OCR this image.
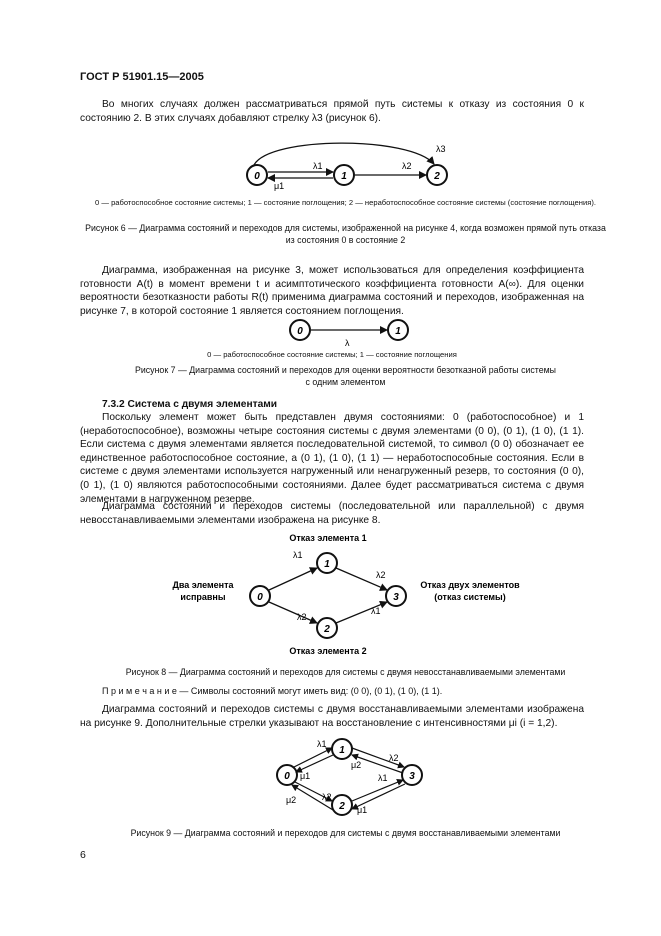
ГОСТ Р 51901.15—2005
Во многих случаях должен рассматриваться прямой путь системы к отказу из состояния 0 к состоянию 2. В этих случаях добавляют стрелку λ3 (рисунок 6).
0	1	2
λ1
μ1
λ2
λ3
0 — работоспособное состояние системы; 1 — состояние поглощения; 2 — неработоспособное состояние системы (состояние поглощения).
Рисунок 6 — Диаграмма состояний и переходов для системы, изображенной на рисунке 4, когда возможен прямой путь отказа из состояния 0 в состояние 2
Диаграмма, изображенная на рисунке 3, может использоваться для определения коэффициента готовности A(t) в момент времени t и асимптотического коэффициента готовности A(∞). Для оценки вероятности безотказности работы R(t) применима диаграмма состояний и переходов, изображенная на рисунке 7, в которой состояние 1 является состоянием поглощения.
0	1
λ
0 — работоспособное состояние системы; 1 — состояние поглощения
Рисунок 7 — Диаграмма состояний и переходов для оценки вероятности безотказной работы системы
с одним элементом
7.3.2 Система с двумя элементами
Поскольку элемент может быть представлен двумя состояниями: 0 (работоспособное) и 1 (неработоспособное), возможны четыре состояния системы с двумя элементами (0 0), (0 1), (1 0), (1 1). Если система с двумя элементами является последовательной системой, то символ (0 0) обозначает ее единственное работоспособное состояние, а (0 1), (1 0), (1 1) — неработоспособные состояния. Если в системе с двумя элементами используется нагруженный или ненагруженный резерв, то состояния (0 0), (0 1), (1 0) являются работоспособными состояниями. Далее будет рассматриваться система с двумя элементами в нагруженном резерве.
Диаграмма состояний и переходов системы (последовательной или параллельной) с двумя невосстанавливаемыми элементами изображена на рисунке 8.
Отказ элемента 1
Отказ элемента 2
Два элемента
исправны
Отказ двух элементов
(отказ системы)
0
1
2
3
λ1
λ2
λ2
λ1
Рисунок 8 — Диаграмма состояний и переходов для системы с двумя невосстанавливаемыми элементами
П р и м е ч а н и е — Символы состояний могут иметь вид: (0 0), (0 1), (1 0), (1 1).
Диаграмма состояний и переходов системы с двумя восстанавливаемыми элементами изображена на рисунке 9. Дополнительные стрелки указывают на восстановление с интенсивностями μi (i = 1,2).
0
1
2
3
λ1
μ1
μ2
λ2
λ1
μ2	λ2
μ1
Рисунок 9 — Диаграмма состояний и переходов для системы с двумя восстанавливаемыми элементами
6
